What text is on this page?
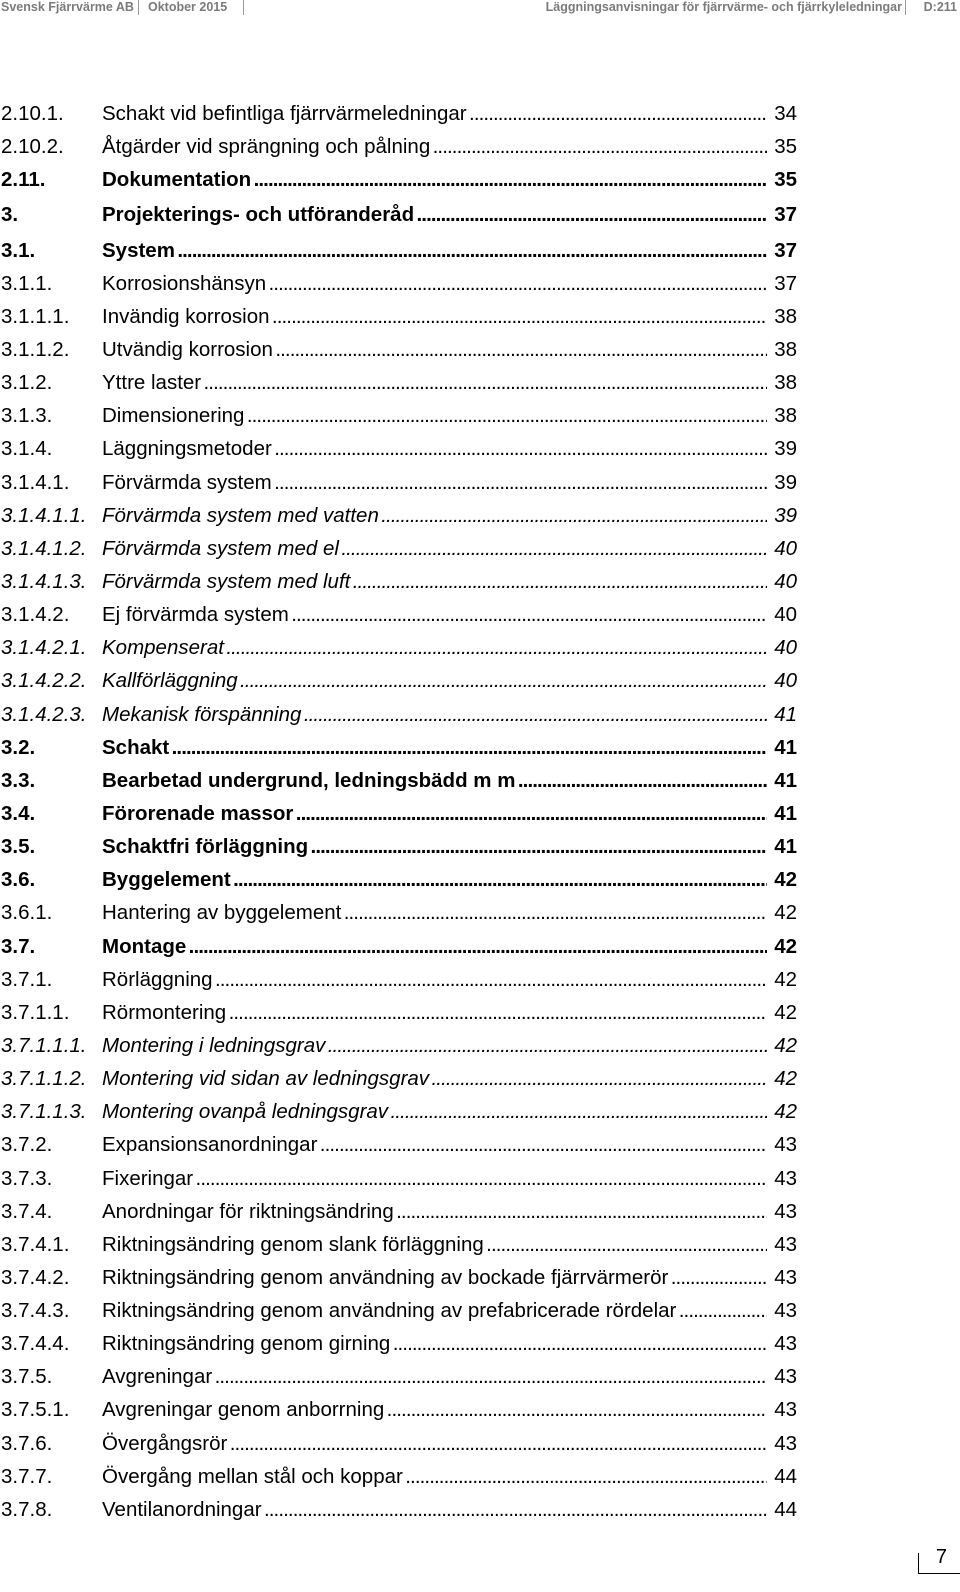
Svensk Fjärrvärme AB Oktober 2015	Läggningsanvisningar för fjärrvärme- och fjärrkyleledningar D:211
2.10.1. Schakt vid befintliga fjärrvärmeledningar . . .	34
2.10.2. Åtgärder vid sprängning och pålning . . .	35
2.11.	Dokumentation . . .	35
3.	Projekterings- och utföranderåd . . .	37
3.1.	System . . .	37
3.1.1. Korrosionshänsyn . . .	37
3.1.1.1. Invändig korrosion . . .	38
3.1.1.2. Utvändig korrosion . . .	38
3.1.2. Yttre laster . . .	38
3.1.3. Dimensionering . . .	38
3.1.4. Läggningsmetoder . . .	39
3.1.4.1. Förvärmda system . . .	39
3.1.4.1.1. Förvärmda system med vatten . . .	39
3.1.4.1.2. Förvärmda system med el . . .	40
3.1.4.1.3. Förvärmda system med luft . . .	40
3.1.4.2. Ej förvärmda system . . .	40
3.1.4.2.1. Kompenserat . . .	40
3.1.4.2.2. Kallförläggning . . .	40
3.1.4.2.3. Mekanisk förspänning . . .	41
3.2.	Schakt . . .	41
3.3.	Bearbetad undergrund, ledningsbädd m m . . .	41
3.4.	Förorenade massor . . .	41
3.5.	Schaktfri förläggning . . .	41
3.6.	Byggelement . . .	42
3.6.1. Hantering av byggelement . . .	42
3.7.	Montage . . .	42
3.7.1. Rörläggning . . .	42
3.7.1.1. Rörmontering . . .	42
3.7.1.1.1. Montering i ledningsgrav . . .	42
3.7.1.1.2. Montering vid sidan av ledningsgrav . . .	42
3.7.1.1.3. Montering ovanpå ledningsgrav . . .	42
3.7.2. Expansionsanordningar . . .	43
3.7.3. Fixeringar . . .	43
3.7.4. Anordningar för riktningsändring . . .	43
3.7.4.1. Riktningsändring genom slank förläggning . . .	43
3.7.4.2. Riktningsändring genom användning av bockade fjärrvärmerör . . .	43
3.7.4.3. Riktningsändring genom användning av prefabricerade rördelar . . .	43
3.7.4.4. Riktningsändring genom girning . . .	43
3.7.5. Avgreningar . . .	43
3.7.5.1. Avgreningar genom anborrning . . .	43
3.7.6. Övergångsrör . . .	43
3.7.7. Övergång mellan stål och koppar . . .	44
3.7.8. Ventilanordningar . . .	44
7
